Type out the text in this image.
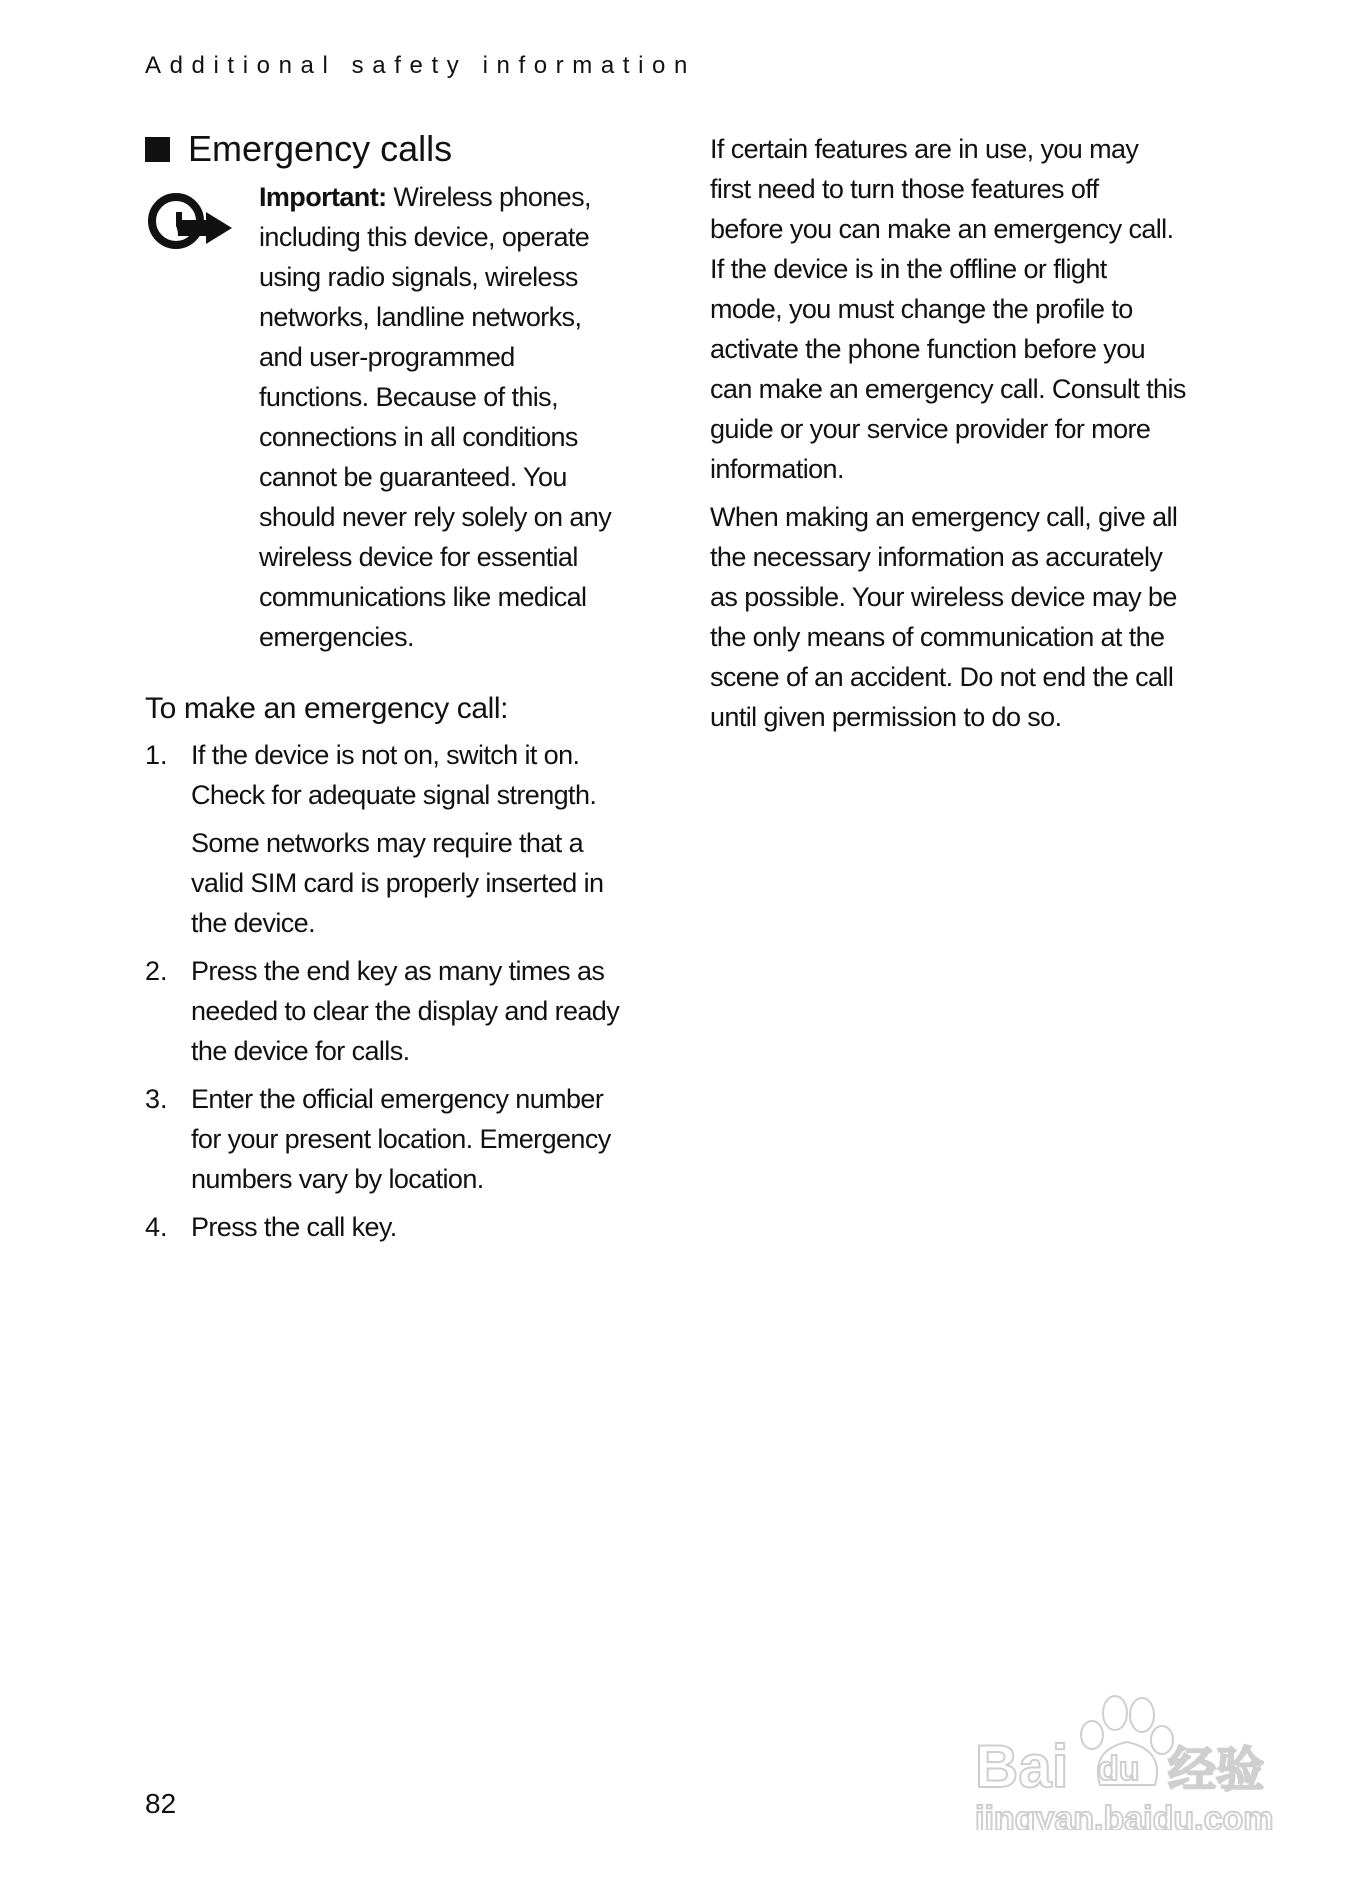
Additional safety information
Emergency calls
Important: Wireless phones,
including this device, operate
using radio signals, wireless
networks, landline networks,
and user-programmed
functions. Because of this,
connections in all conditions
cannot be guaranteed. You
should never rely solely on any
wireless device for essential
communications like medical
emergencies.
To make an emergency call:
1. If the device is not on, switch it on.
Check for adequate signal strength.
Some networks may require that a
valid SIM card is properly inserted in
the device.
2. Press the end key as many times as
needed to clear the display and ready
the device for calls.
3. Enter the official emergency number
for your present location. Emergency
numbers vary by location.
4. Press the call key.
If certain features are in use, you may
first need to turn those features off
before you can make an emergency call.
If the device is in the offline or flight
mode, you must change the profile to
activate the phone function before you
can make an emergency call. Consult this
guide or your service provider for more
information.
When making an emergency call, give all
the necessary information as accurately
as possible. Your wireless device may be
the only means of communication at the
scene of an accident. Do not end the call
until given permission to do so.
82
Bai du 经验
jingyan.baidu.com
